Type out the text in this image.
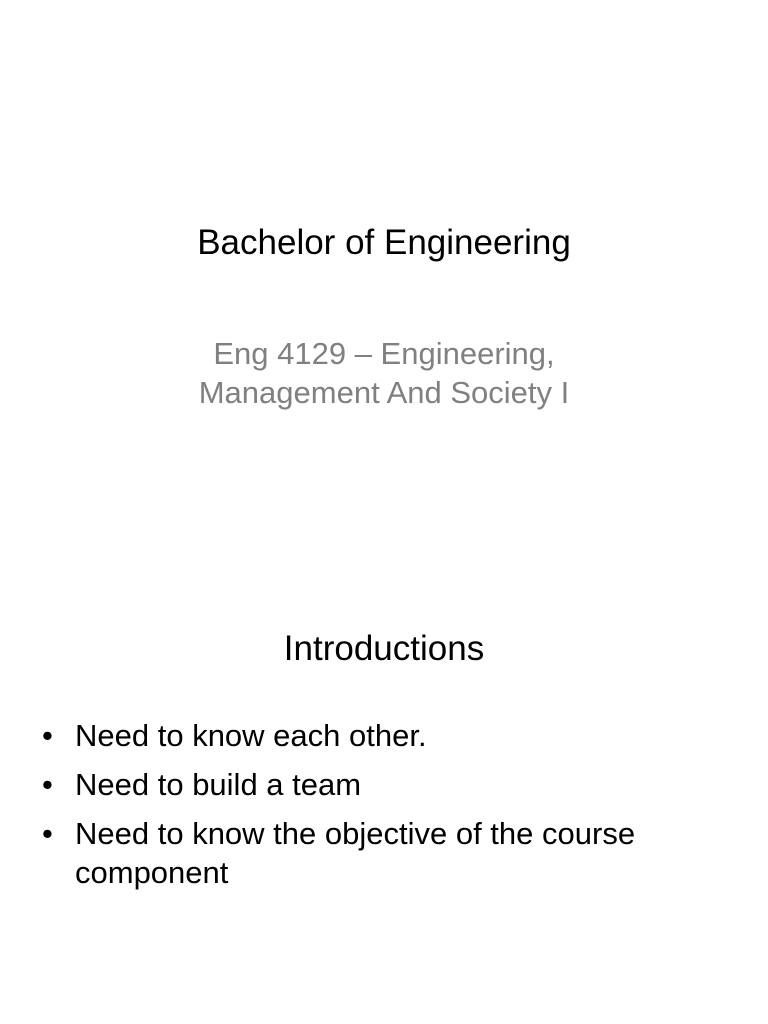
Bachelor of Engineering
Eng 4129 – Engineering,
Management And Society I
Introductions
• Need to know each other.
• Need to build a team
• Need to know the objective of the course component
